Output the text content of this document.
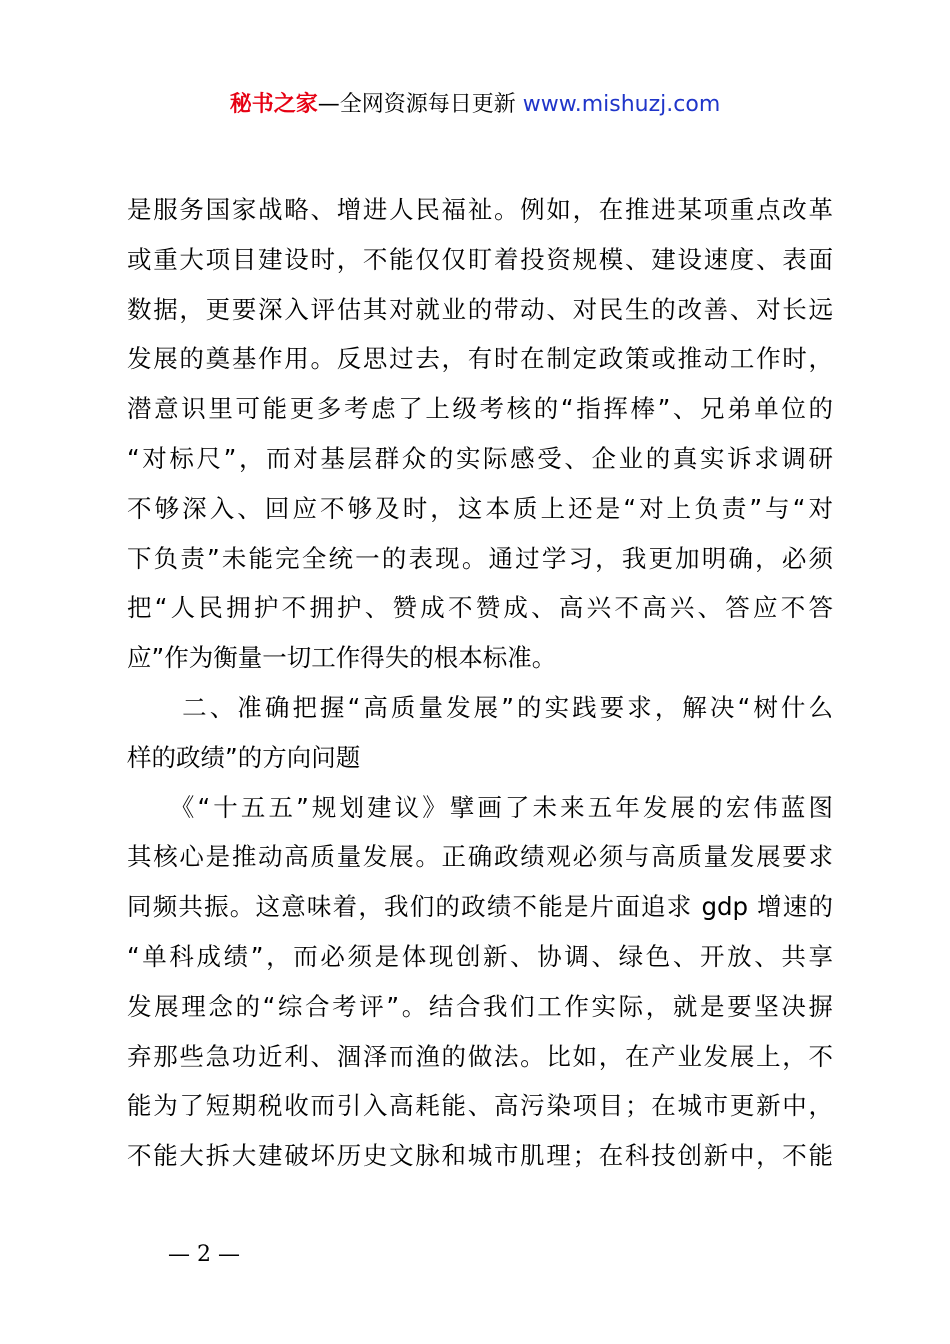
秘书之家—全网资源每日更新 www.mishuzj.com
是服务国家战略、增进人民福祉。例如，在推进某项重点改革
或重大项目建设时，不能仅仅盯着投资规模、建设速度、表面
数据，更要深入评估其对就业的带动、对民生的改善、对长远
发展的奠基作用。反思过去，有时在制定政策或推动工作时，
潜意识里可能更多考虑了上级考核的“指挥棒”、兄弟单位的
“对标尺”，而对基层群众的实际感受、企业的真实诉求调研
不够深入、回应不够及时，这本质上还是“对上负责”与“对
下负责”未能完全统一的表现。通过学习，我更加明确，必须
把“人民拥护不拥护、赞成不赞成、高兴不高兴、答应不答
应”作为衡量一切工作得失的根本标准。
　　二、准确把握“高质量发展”的实践要求，解决“树什么
样的政绩”的方向问题
　　《“十五五”规划建议》擘画了未来五年发展的宏伟蓝图
其核心是推动高质量发展。正确政绩观必须与高质量发展要求
同频共振。这意味着，我们的政绩不能是片面追求 gdp 增速的
“单科成绩”，而必须是体现创新、协调、绿色、开放、共享
发展理念的“综合考评”。结合我们工作实际，就是要坚决摒
弃那些急功近利、涸泽而渔的做法。比如，在产业发展上，不
能为了短期税收而引入高耗能、高污染项目；在城市更新中，
不能大拆大建破坏历史文脉和城市肌理；在科技创新中，不能
— 2 —
